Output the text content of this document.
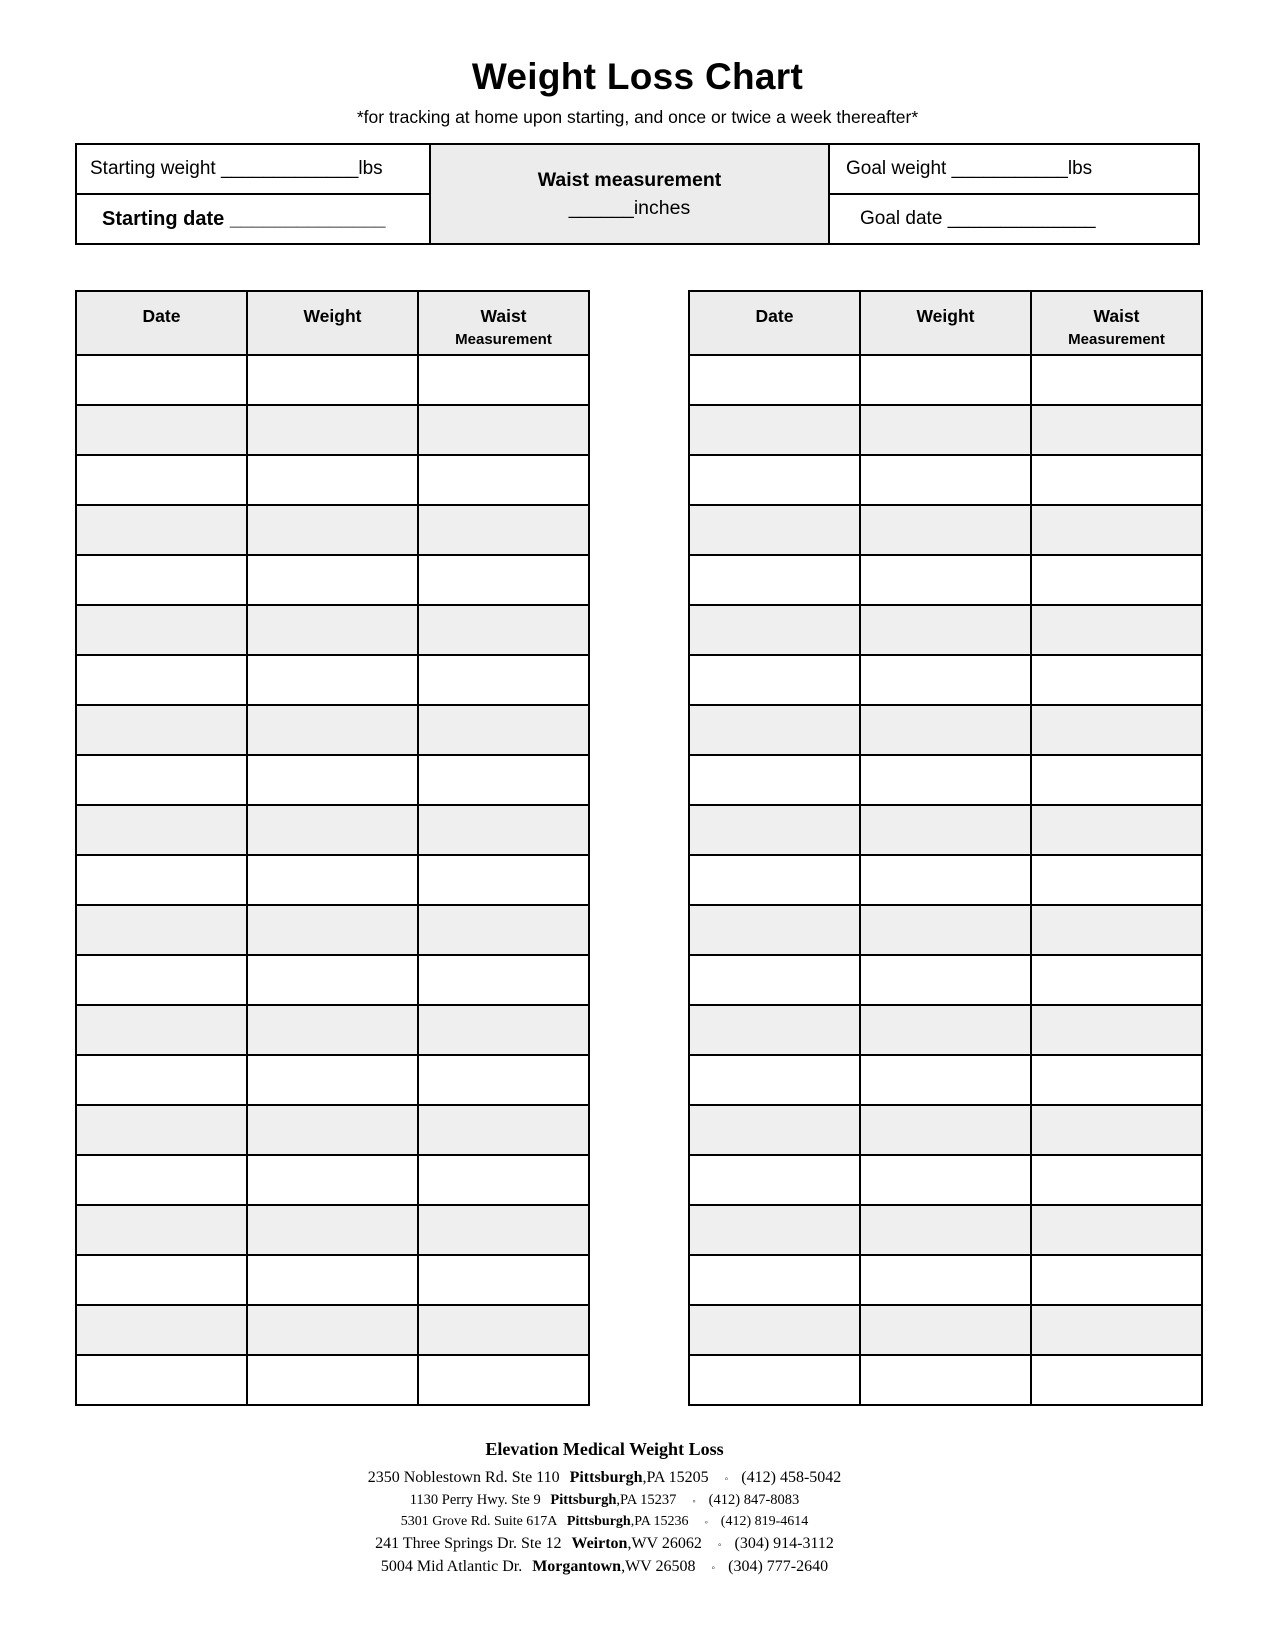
Weight Loss Chart
*for tracking at home upon starting, and once or twice a week thereafter*
Starting weight
_____________ lbs
Starting date
______________
Waist measurement
______inches
Goal weight
___________ lbs
Goal date
______________
Date	Weight	Waist
Measurement

Date	Weight	Waist
Measurement

Elevation Medical Weight Loss
2350 Noblestown Rd. Ste 110 Pittsburgh,PA 15205 ◦ (412) 458-5042
1130 Perry Hwy. Ste 9 Pittsburgh,PA 15237 ◦ (412) 847-8083
5301 Grove Rd. Suite 617A Pittsburgh,PA 15236 ◦ (412) 819-4614
241 Three Springs Dr. Ste 12 Weirton,WV 26062 ◦ (304) 914-3112
5004 Mid Atlantic Dr. Morgantown,WV 26508 ◦ (304) 777-2640
